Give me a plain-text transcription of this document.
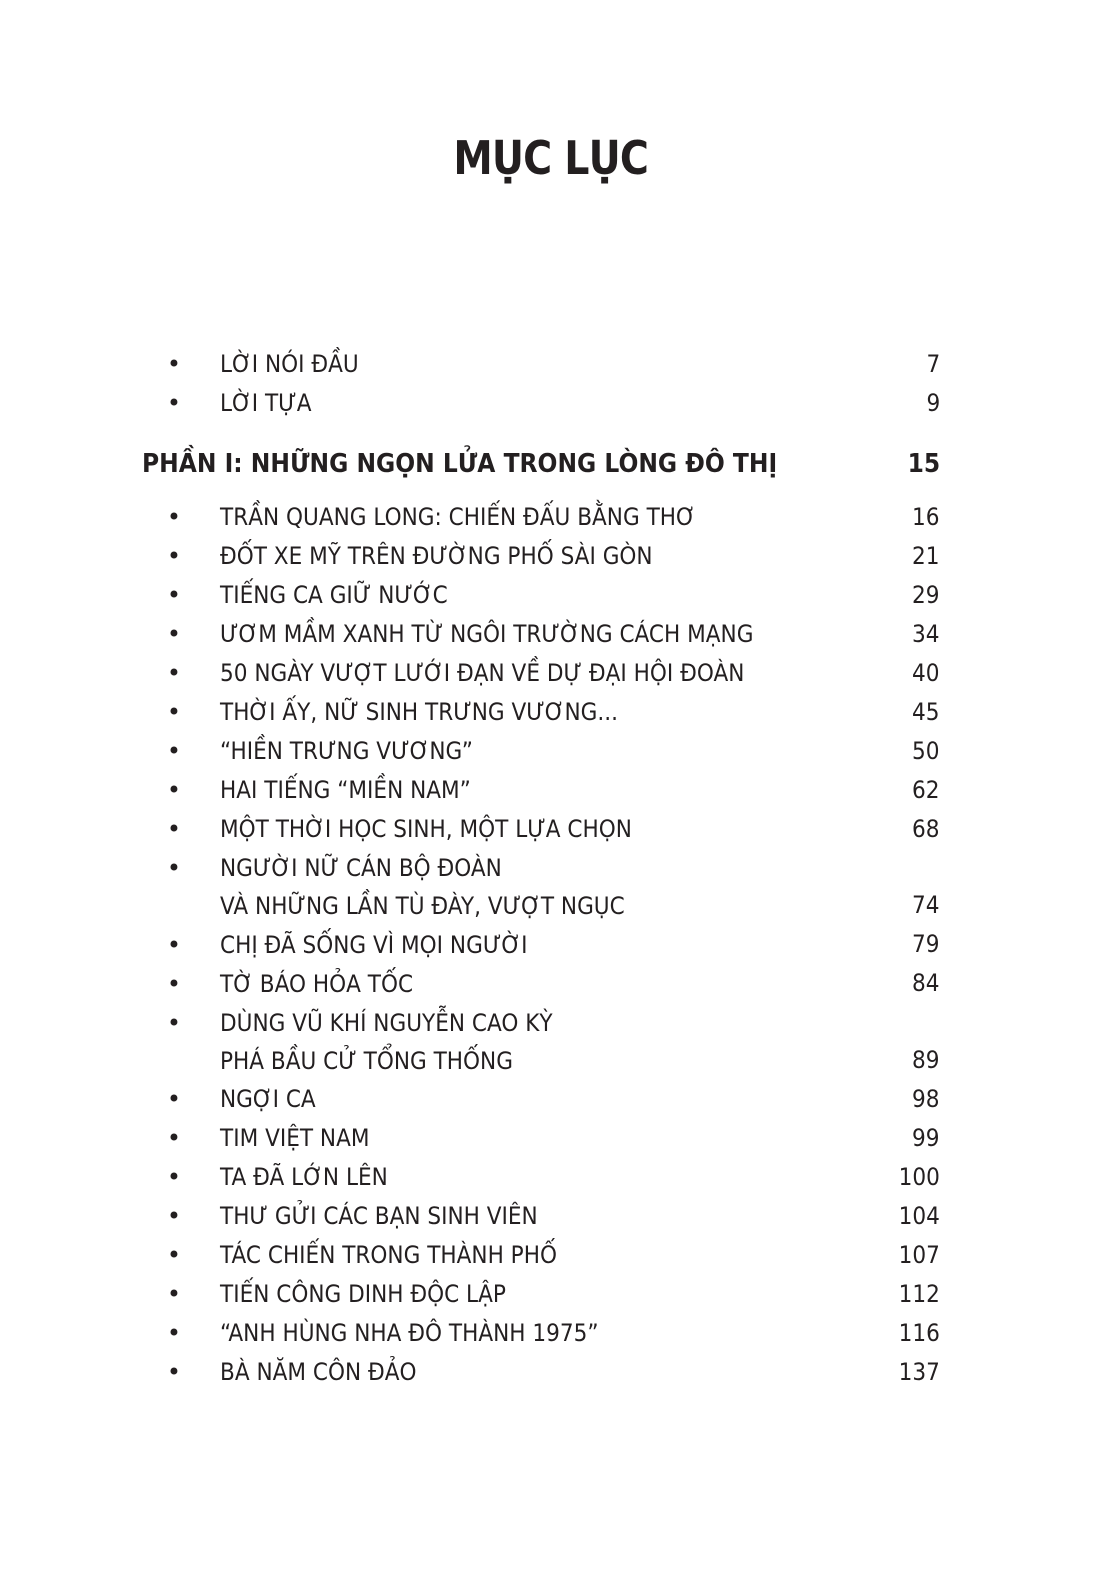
MỤC LỤC
• LỜI NÓI ĐẦU	7
• LỜI TỰA	9
PHẦN I: NHỮNG NGỌN LỬA TRONG LÒNG ĐÔ THỊ	15
• TRẦN QUANG LONG: CHIẾN ĐẤU BẰNG THƠ	16
• ĐỐT XE MỸ TRÊN ĐƯỜNG PHỐ SÀI GÒN	21
• TIẾNG CA GIỮ NƯỚC	29
• ƯƠM MẦM XANH TỪ NGÔI TRƯỜNG CÁCH MẠNG	34
• 50 NGÀY VƯỢT LƯỚI ĐẠN VỀ DỰ ĐẠI HỘI ĐOÀN	40
• THỜI ẤY, NỮ SINH TRƯNG VƯƠNG...	45
• “HIỀN TRƯNG VƯƠNG”	50
• HAI TIẾNG “MIỀN NAM”	62
• MỘT THỜI HỌC SINH, MỘT LỰA CHỌN	68
• NGƯỜI NỮ CÁN BỘ ĐOÀN
VÀ NHỮNG LẦN TÙ ĐÀY, VƯỢT NGỤC	74
• CHỊ ĐÃ SỐNG VÌ MỌI NGƯỜI	79
• TỜ BÁO HỎA TỐC	84
• DÙNG VŨ KHÍ NGUYỄN CAO KỲ
PHÁ BẦU CỬ TỔNG THỐNG	89
• NGỢI CA	98
• TIM VIỆT NAM	99
• TA ĐÃ LỚN LÊN	100
• THƯ GỬI CÁC BẠN SINH VIÊN	104
• TÁC CHIẾN TRONG THÀNH PHỐ	107
• TIẾN CÔNG DINH ĐỘC LẬP	112
• “ANH HÙNG NHA ĐÔ THÀNH 1975”	116
• BÀ NĂM CÔN ĐẢO	137
